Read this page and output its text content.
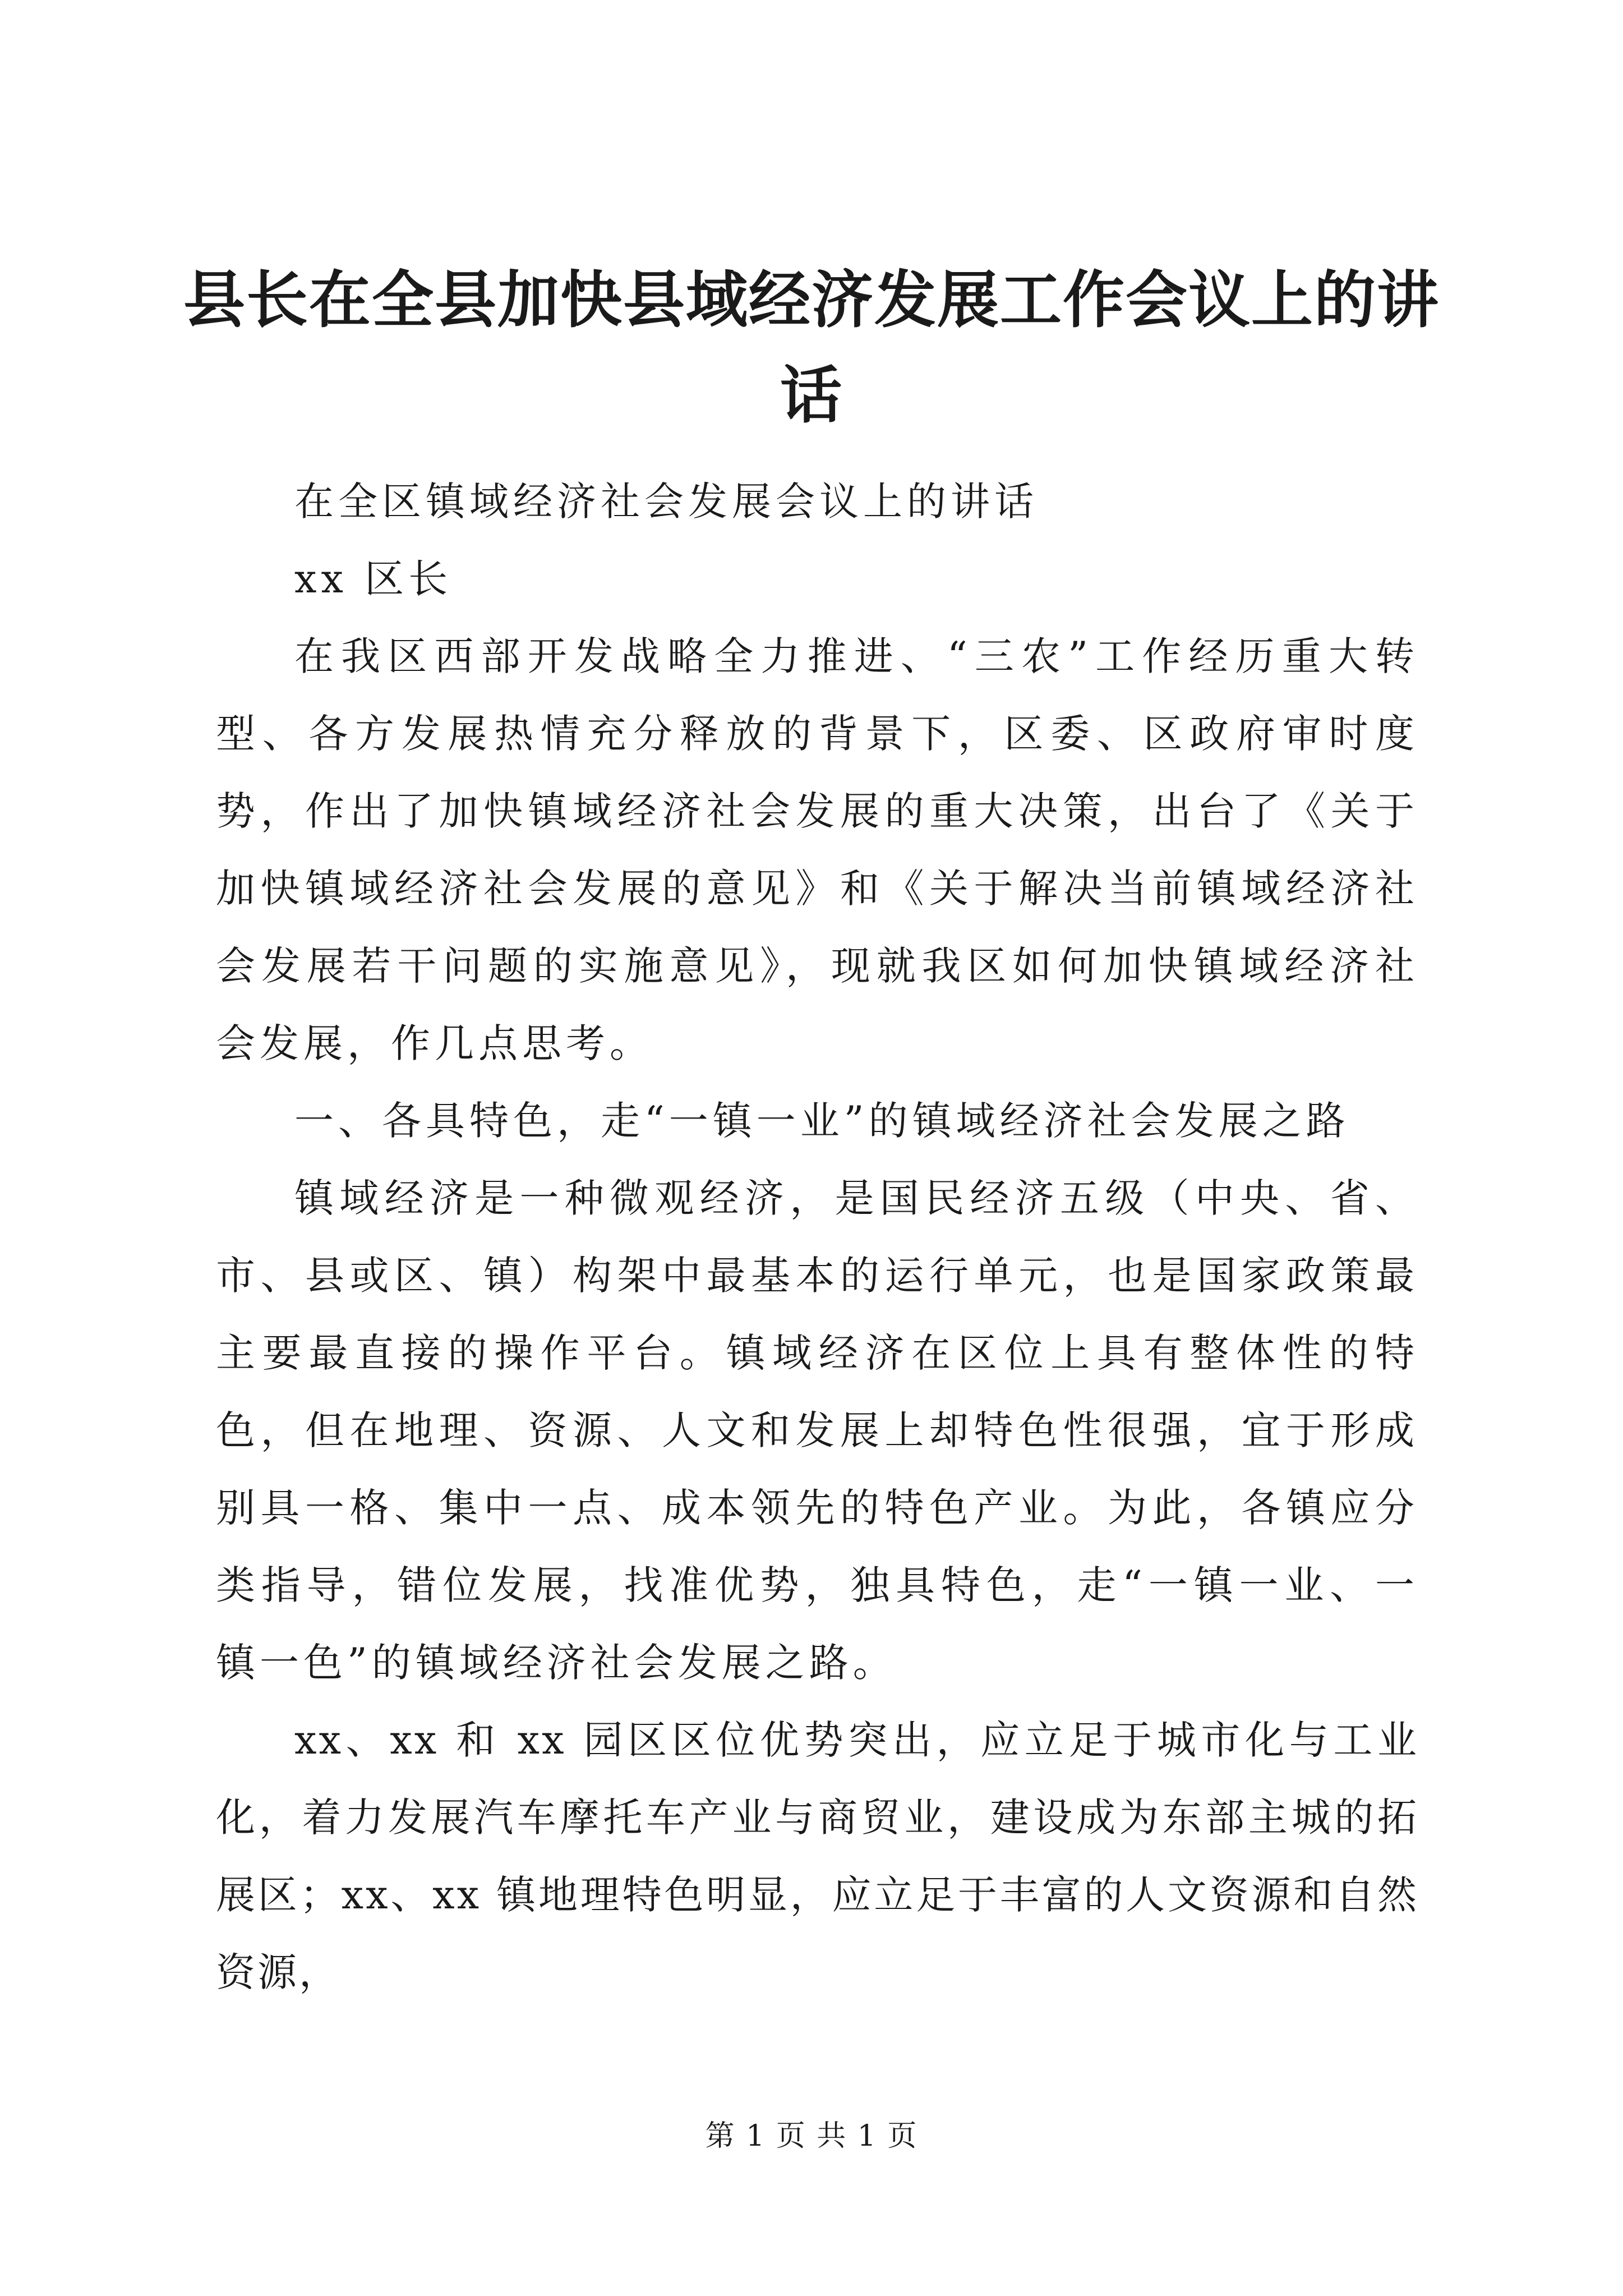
县长在全县加快县域经济发展工作会议上的讲话

在全区镇域经济社会发展会议上的讲话

xx 区长

在我区西部开发战略全力推进、“三农”工作经历重大转型、各方发展热情充分释放的背景下，区委、区政府审时度势，作出了加快镇域经济社会发展的重大决策，出台了《关于加快镇域经济社会发展的意见》和《关于解决当前镇域经济社会发展若干问题的实施意见》，现就我区如何加快镇域经济社会发展，作几点思考。

一、各具特色，走“一镇一业”的镇域经济社会发展之路

镇域经济是一种微观经济，是国民经济五级（中央、省、市、县或区、镇）构架中最基本的运行单元，也是国家政策最主要最直接的操作平台。镇域经济在区位上具有整体性的特色，但在地理、资源、人文和发展上却特色性很强，宜于形成别具一格、集中一点、成本领先的特色产业。为此，各镇应分类指导，错位发展，找准优势，独具特色，走“一镇一业、一镇一色”的镇域经济社会发展之路。

xx、xx 和 xx 园区区位优势突出，应立足于城市化与工业化，着力发展汽车摩托车产业与商贸业，建设成为东部主城的拓展区；xx、xx 镇地理特色明显，应立足于丰富的人文资源和自然资源，

第 1 页 共 1 页
